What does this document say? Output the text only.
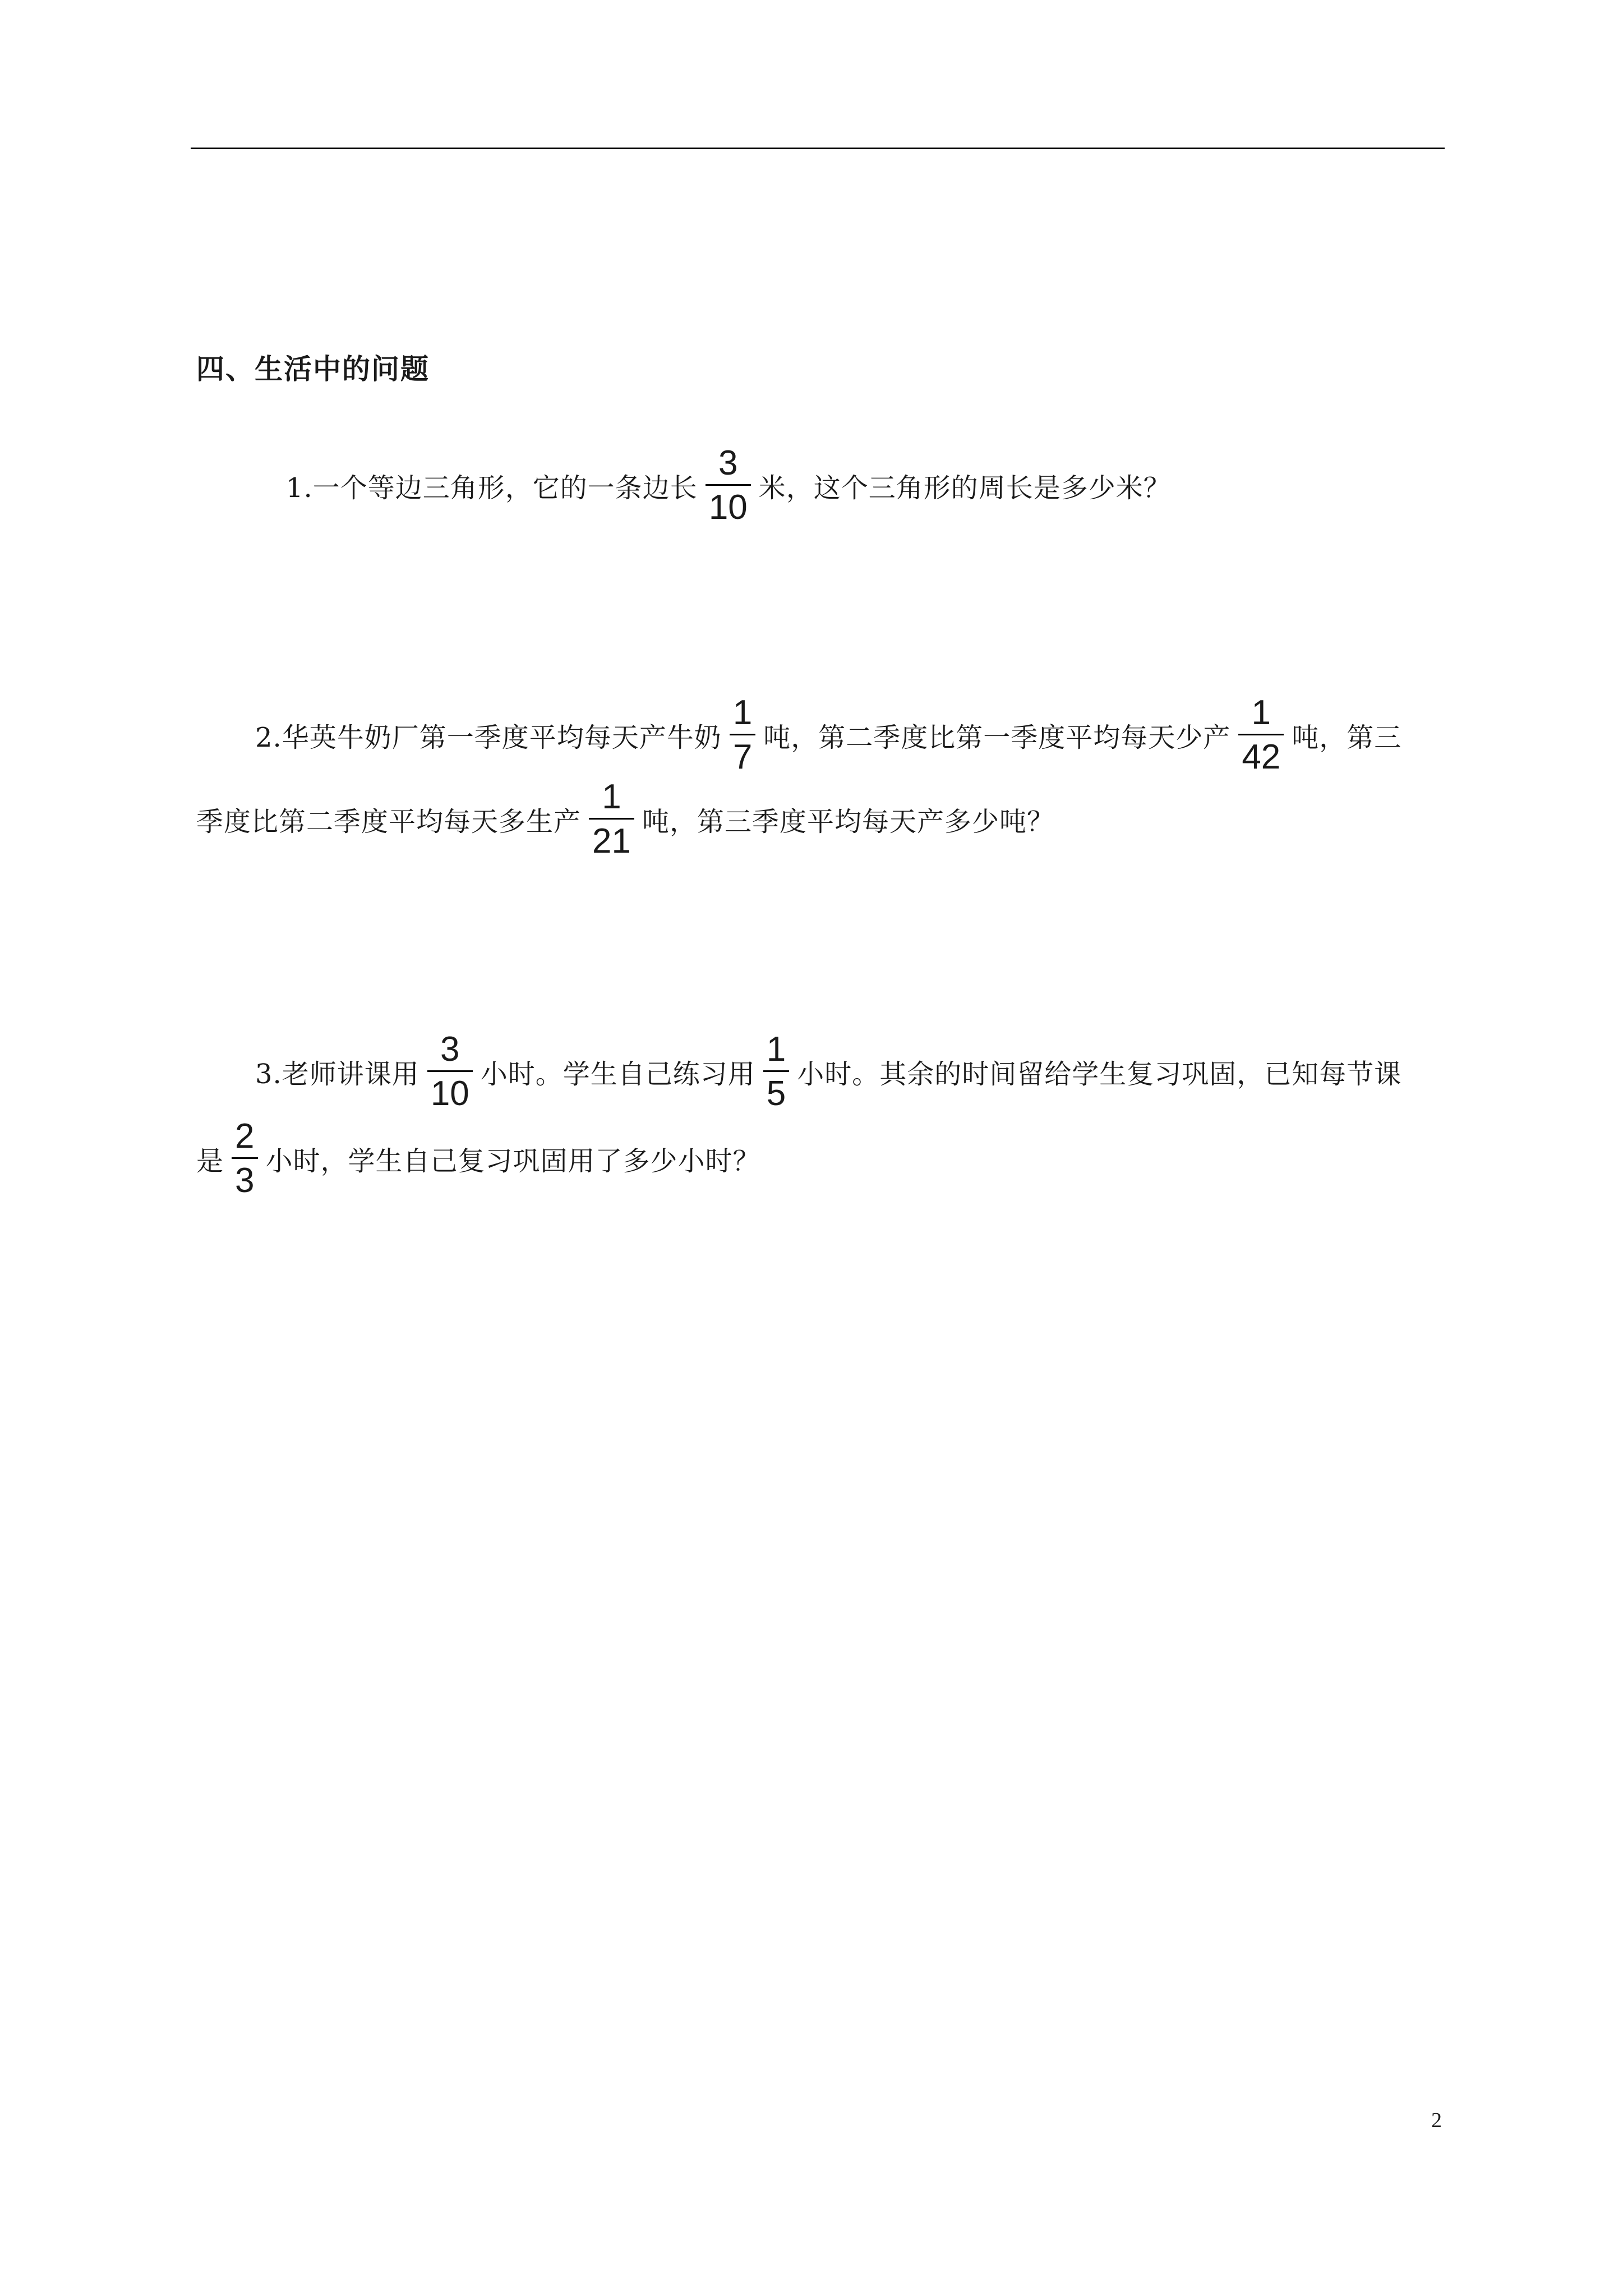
四、生活中的问题
1.一个等边三角形，它的一条边长 $\frac{3}{10}$ 米，这个三角形的周长是多少米？
2.华英牛奶厂第一季度平均每天产牛奶 $\frac{1}{7}$ 吨，第二季度比第一季度平均每天少产 $\frac{1}{42}$ 吨，第三
季度比第二季度平均每天多生产 $\frac{1}{21}$ 吨，第三季度平均每天产多少吨？
3.老师讲课用 $\frac{3}{10}$ 小时。学生自己练习用 $\frac{1}{5}$ 小时。其余的时间留给学生复习巩固，已知每节课
是 $\frac{2}{3}$ 小时，学生自己复习巩固用了多少小时？
2
